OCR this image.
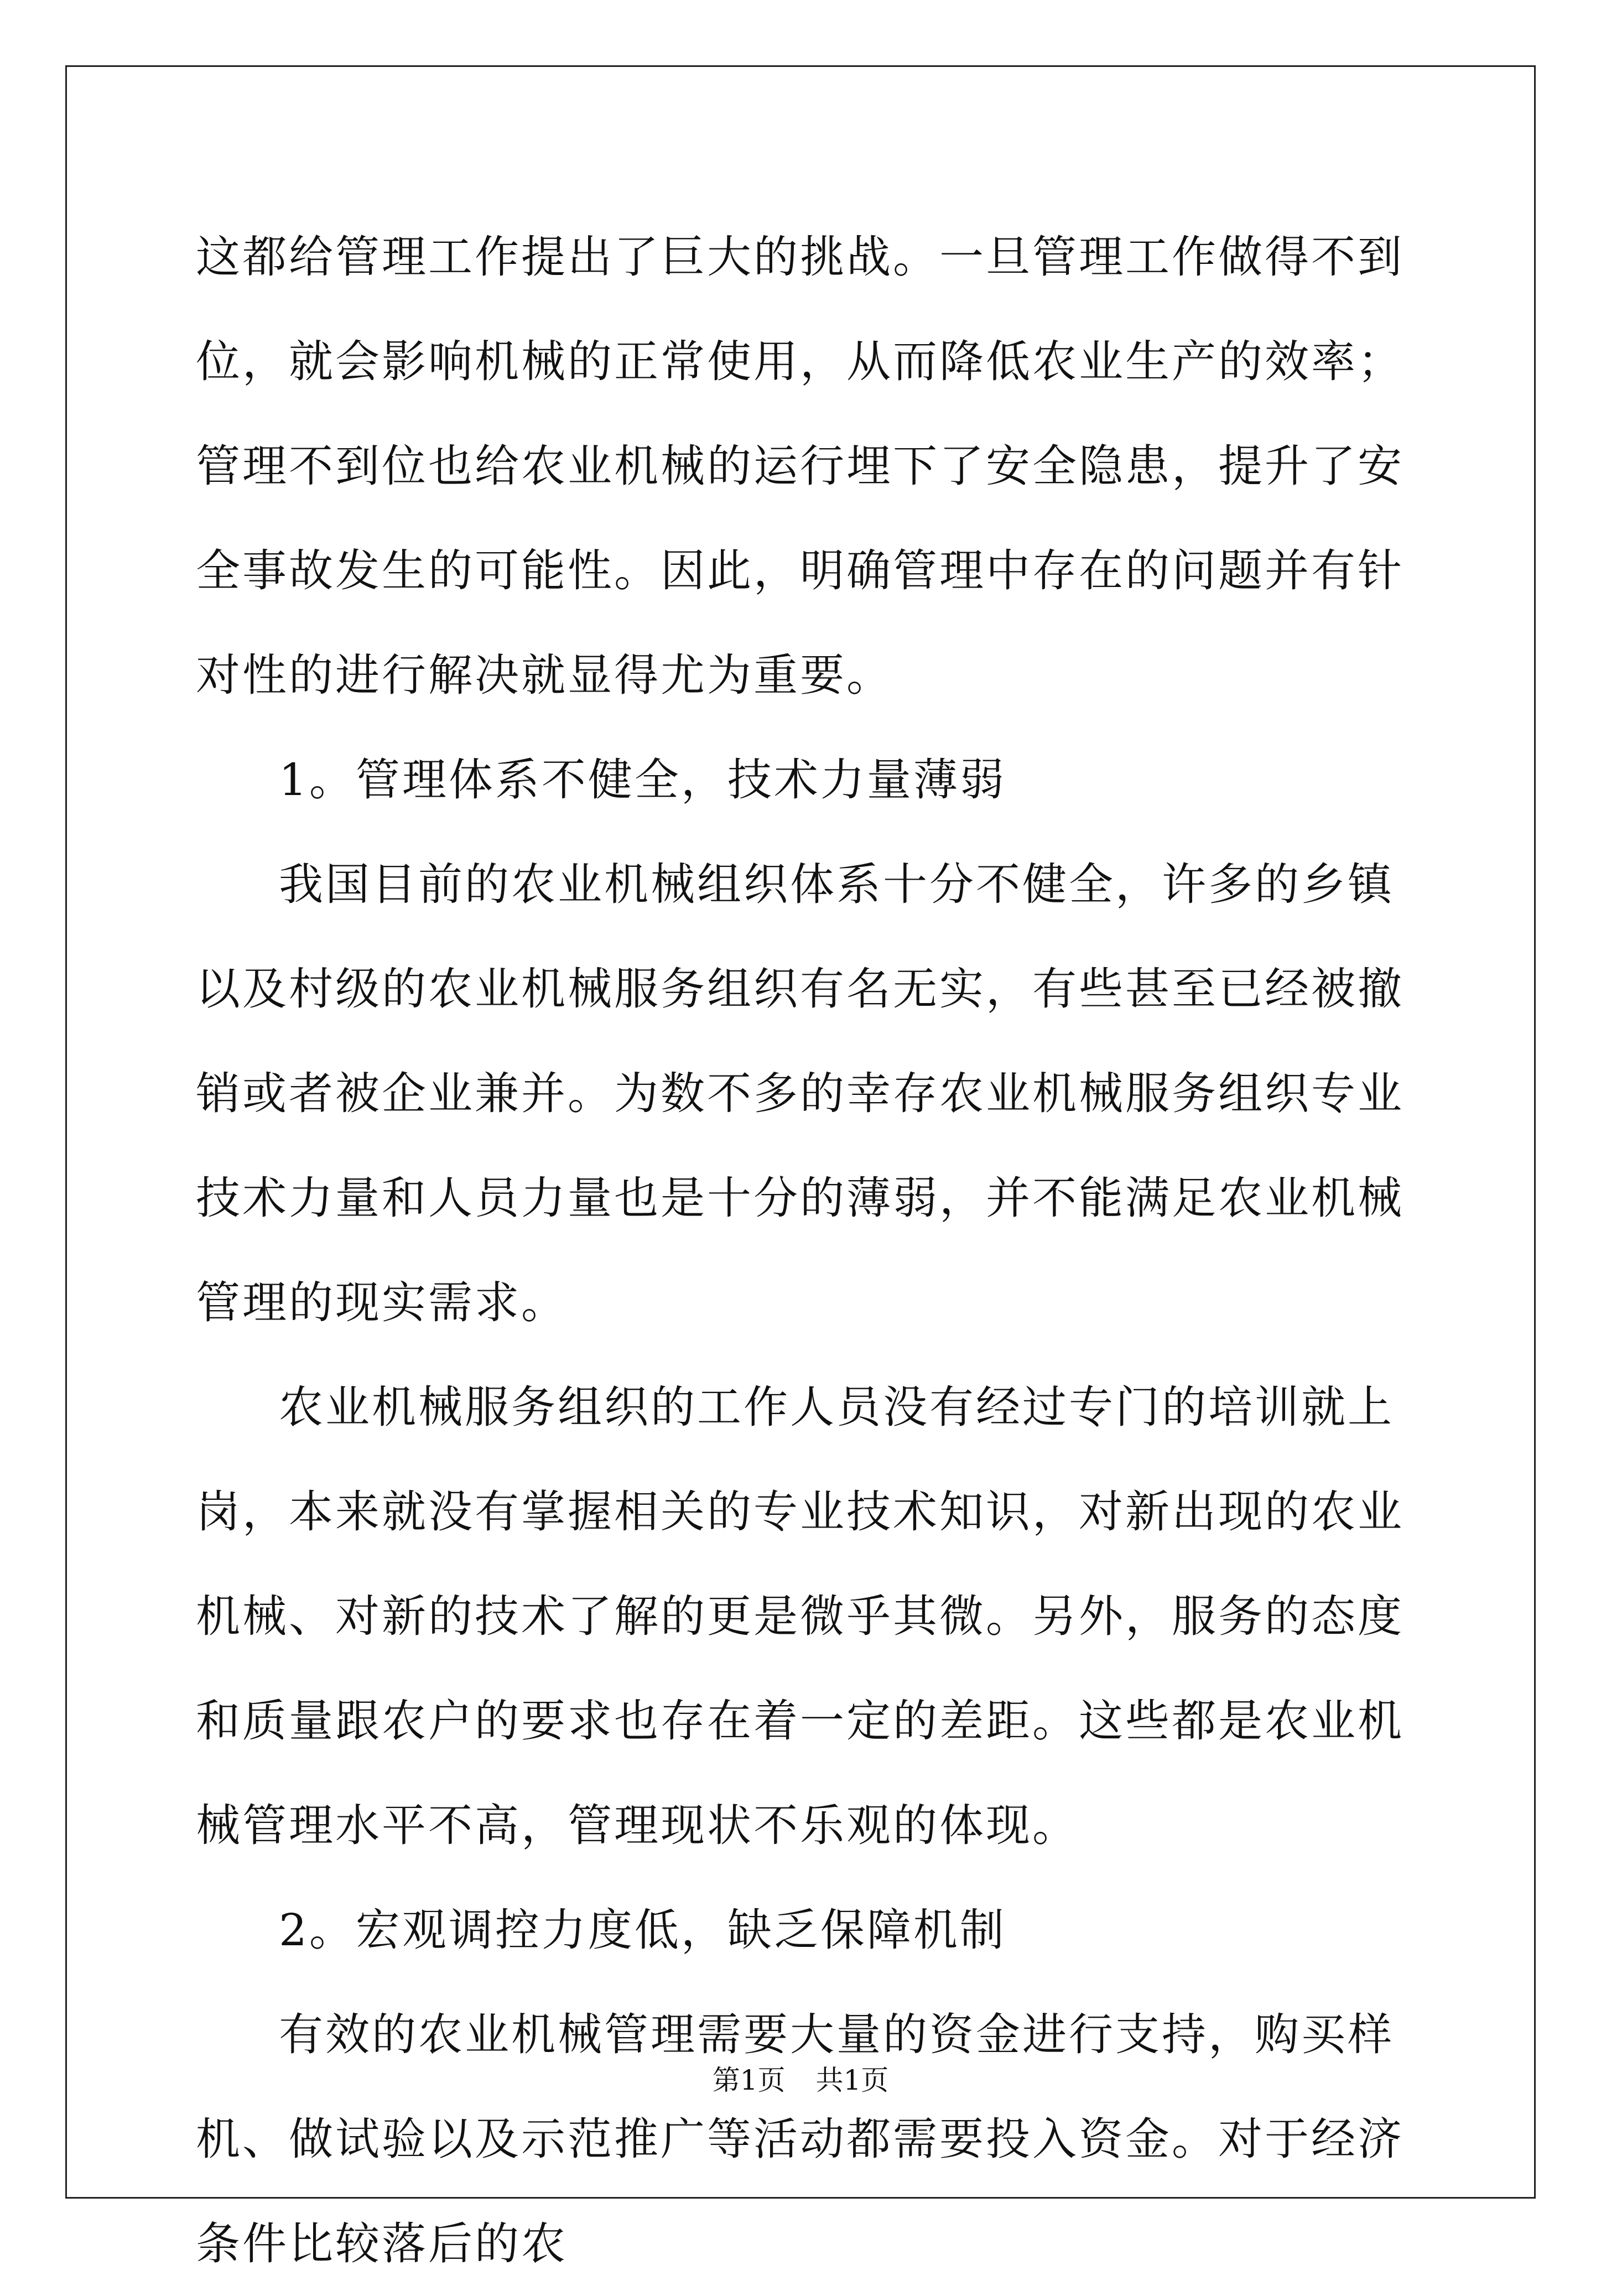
这都给管理工作提出了巨大的挑战。一旦管理工作做得不到位，就会影响机械的正常使用，从而降低农业生产的效率；管理不到位也给农业机械的运行埋下了安全隐患，提升了安全事故发生的可能性。因此，明确管理中存在的问题并有针对性的进行解决就显得尤为重要。

1。管理体系不健全，技术力量薄弱

我国目前的农业机械组织体系十分不健全，许多的乡镇以及村级的农业机械服务组织有名无实，有些甚至已经被撤销或者被企业兼并。为数不多的幸存农业机械服务组织专业技术力量和人员力量也是十分的薄弱，并不能满足农业机械管理的现实需求。

农业机械服务组织的工作人员没有经过专门的培训就上岗，本来就没有掌握相关的专业技术知识，对新出现的农业机械、对新的技术了解的更是微乎其微。另外，服务的态度和质量跟农户的要求也存在着一定的差距。这些都是农业机械管理水平不高，管理现状不乐观的体现。

2。宏观调控力度低，缺乏保障机制

有效的农业机械管理需要大量的资金进行支持，购买样机、做试验以及示范推广等活动都需要投入资金。对于经济条件比较落后的农

第1页 共1页
